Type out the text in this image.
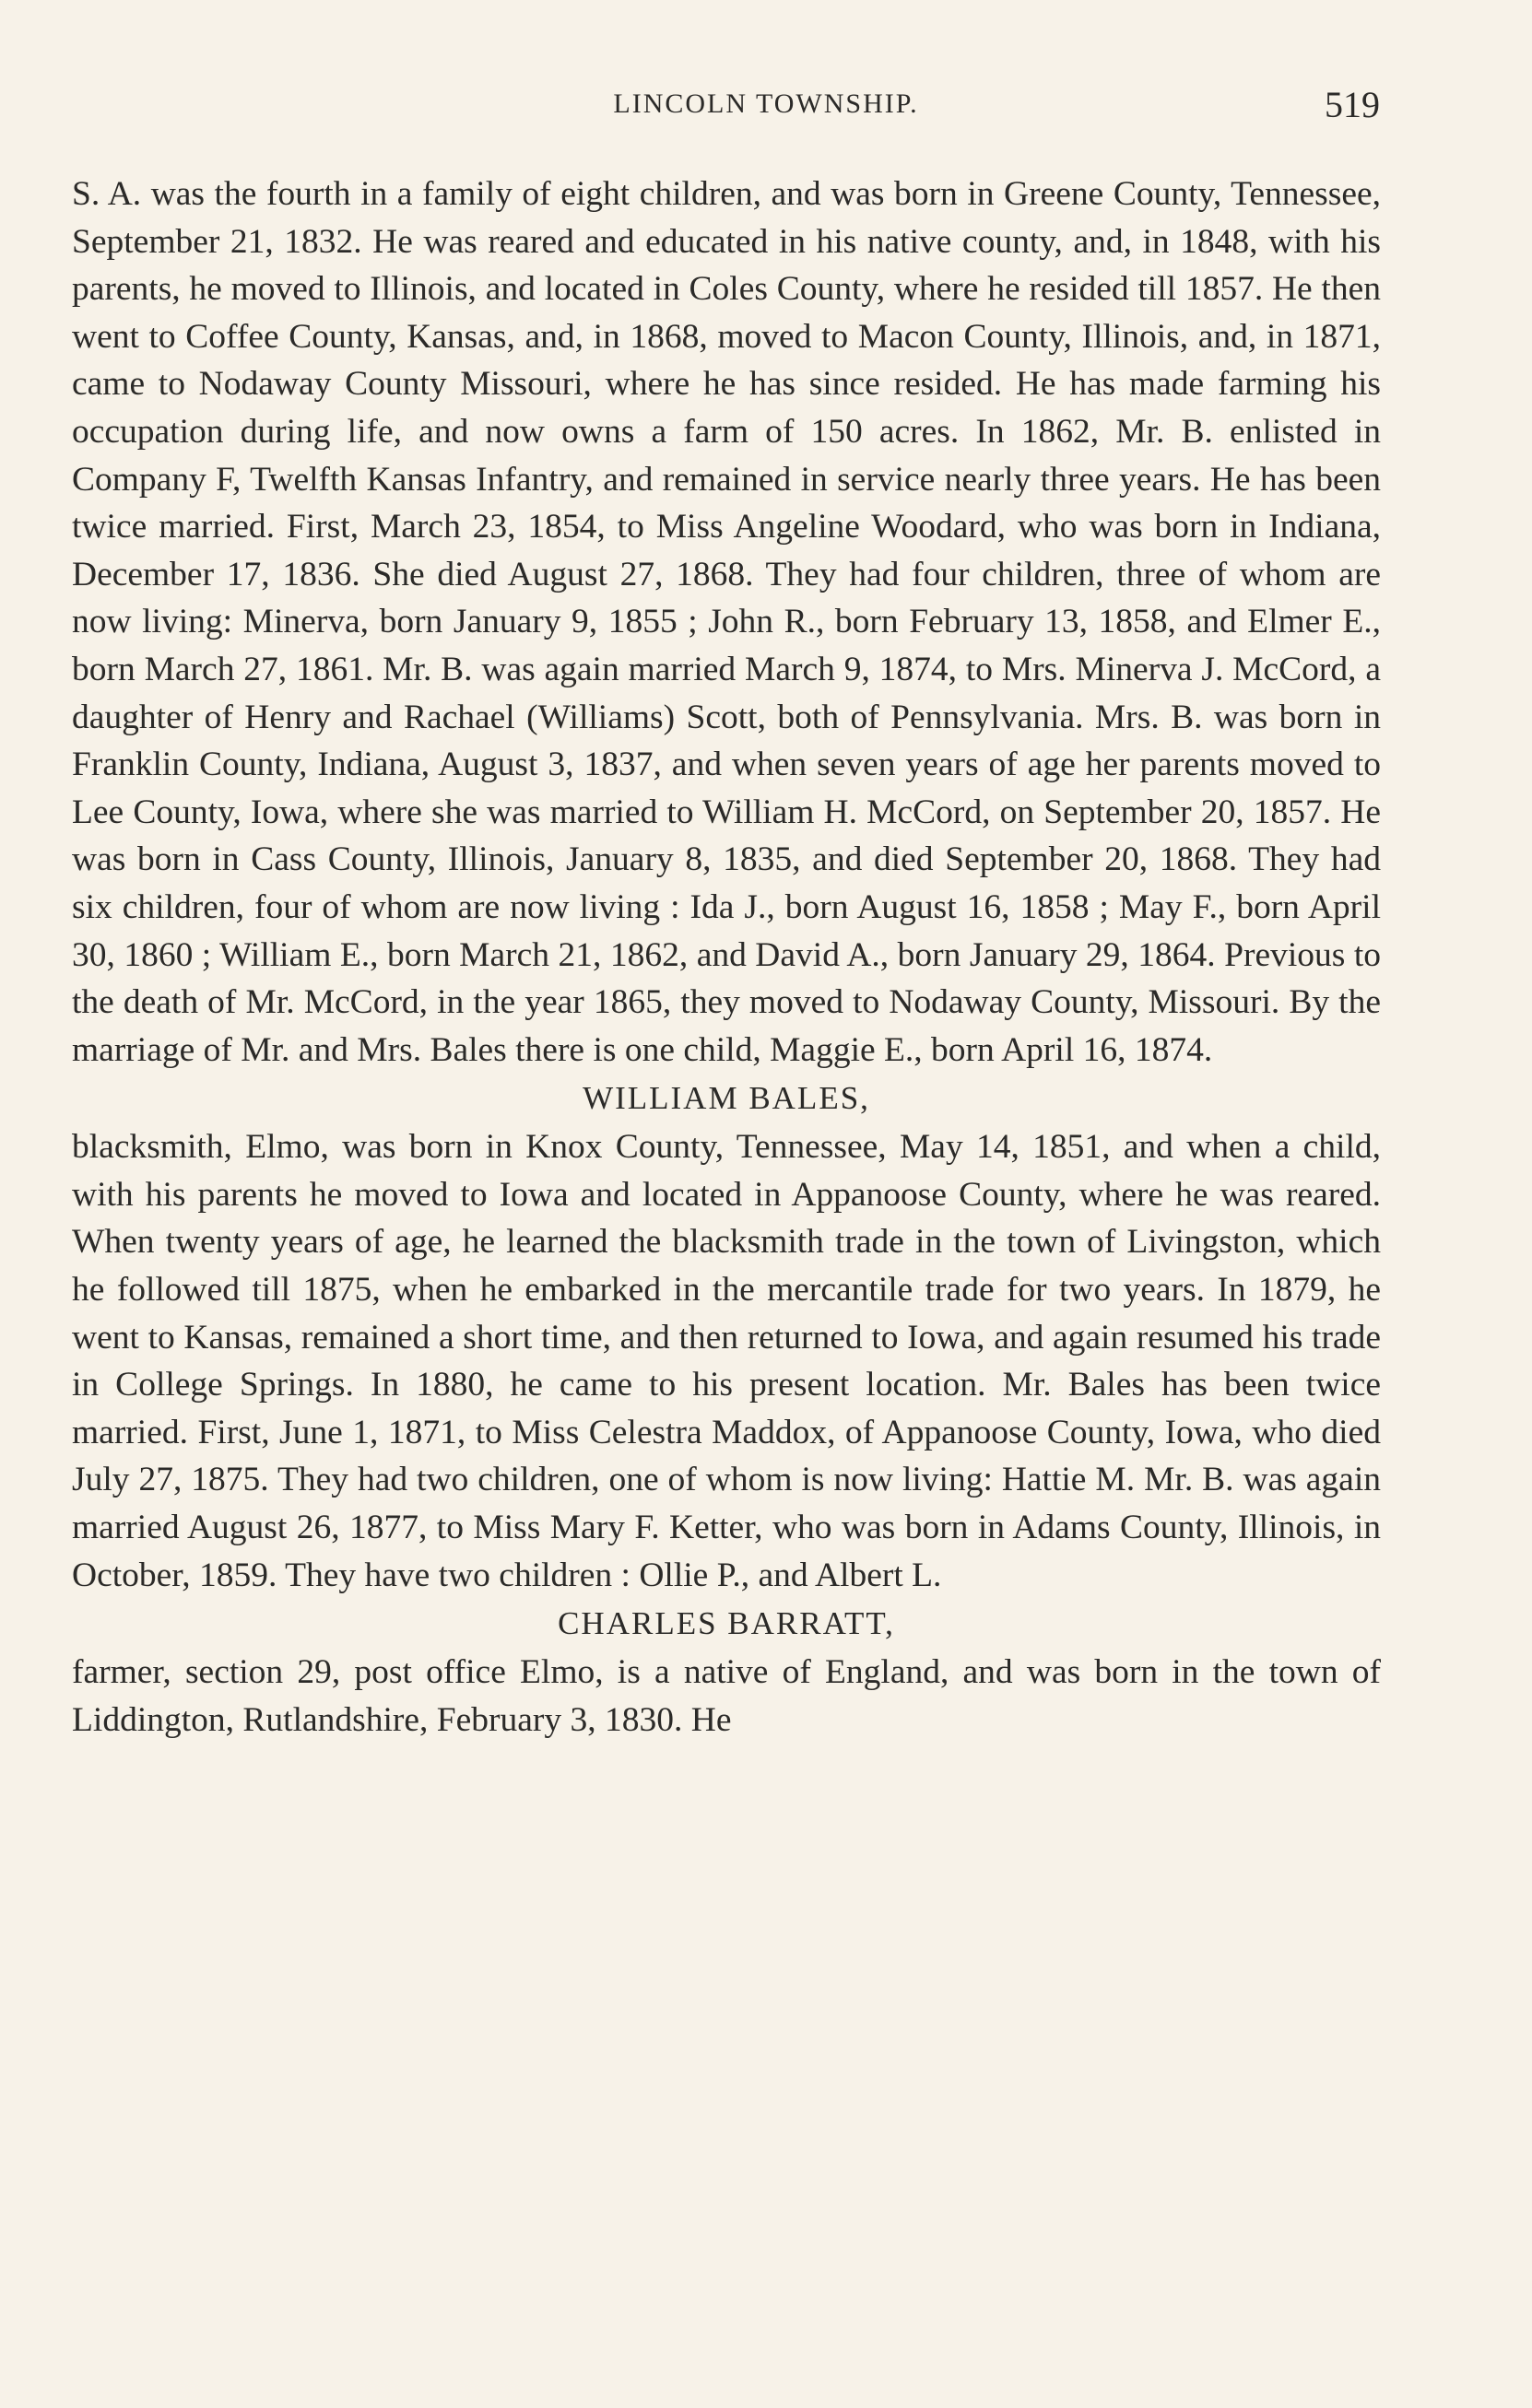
LINCOLN TOWNSHIP.	519

S. A. was the fourth in a family of eight children, and was born in Greene County, Tennessee, September 21, 1832. He was reared and educated in his native county, and, in 1848, with his parents, he moved to Illinois, and located in Coles County, where he resided till 1857. He then went to Coffee County, Kansas, and, in 1868, moved to Macon County, Illinois, and, in 1871, came to Nodaway County Missouri, where he has since resided. He has made farming his occupation during life, and now owns a farm of 150 acres. In 1862, Mr. B. enlisted in Company F, Twelfth Kansas Infantry, and remained in service nearly three years. He has been twice married. First, March 23, 1854, to Miss Angeline Woodard, who was born in Indiana, December 17, 1836. She died August 27, 1868. They had four children, three of whom are now living: Minerva, born January 9, 1855 ; John R., born February 13, 1858, and Elmer E., born March 27, 1861. Mr. B. was again married March 9, 1874, to Mrs. Minerva J. McCord, a daughter of Henry and Rachael (Williams) Scott, both of Pennsylvania. Mrs. B. was born in Franklin County, Indiana, August 3, 1837, and when seven years of age her parents moved to Lee County, Iowa, where she was married to William H. McCord, on September 20, 1857. He was born in Cass County, Illinois, January 8, 1835, and died September 20, 1868. They had six children, four of whom are now living : Ida J., born August 16, 1858 ; May F., born April 30, 1860 ; William E., born March 21, 1862, and David A., born January 29, 1864. Previous to the death of Mr. McCord, in the year 1865, they moved to Nodaway County, Missouri. By the marriage of Mr. and Mrs. Bales there is one child, Maggie E., born April 16, 1874.

WILLIAM BALES,

blacksmith, Elmo, was born in Knox County, Tennessee, May 14, 1851, and when a child, with his parents he moved to Iowa and located in Appanoose County, where he was reared. When twenty years of age, he learned the blacksmith trade in the town of Livingston, which he followed till 1875, when he embarked in the mercantile trade for two years. In 1879, he went to Kansas, remained a short time, and then returned to Iowa, and again resumed his trade in College Springs. In 1880, he came to his present location. Mr. Bales has been twice married. First, June 1, 1871, to Miss Celestra Maddox, of Appanoose County, Iowa, who died July 27, 1875. They had two children, one of whom is now living: Hattie M. Mr. B. was again married August 26, 1877, to Miss Mary F. Ketter, who was born in Adams County, Illinois, in October, 1859. They have two children : Ollie P., and Albert L.

CHARLES BARRATT,

farmer, section 29, post office Elmo, is a native of England, and was born in the town of Liddington, Rutlandshire, February 3, 1830. He
